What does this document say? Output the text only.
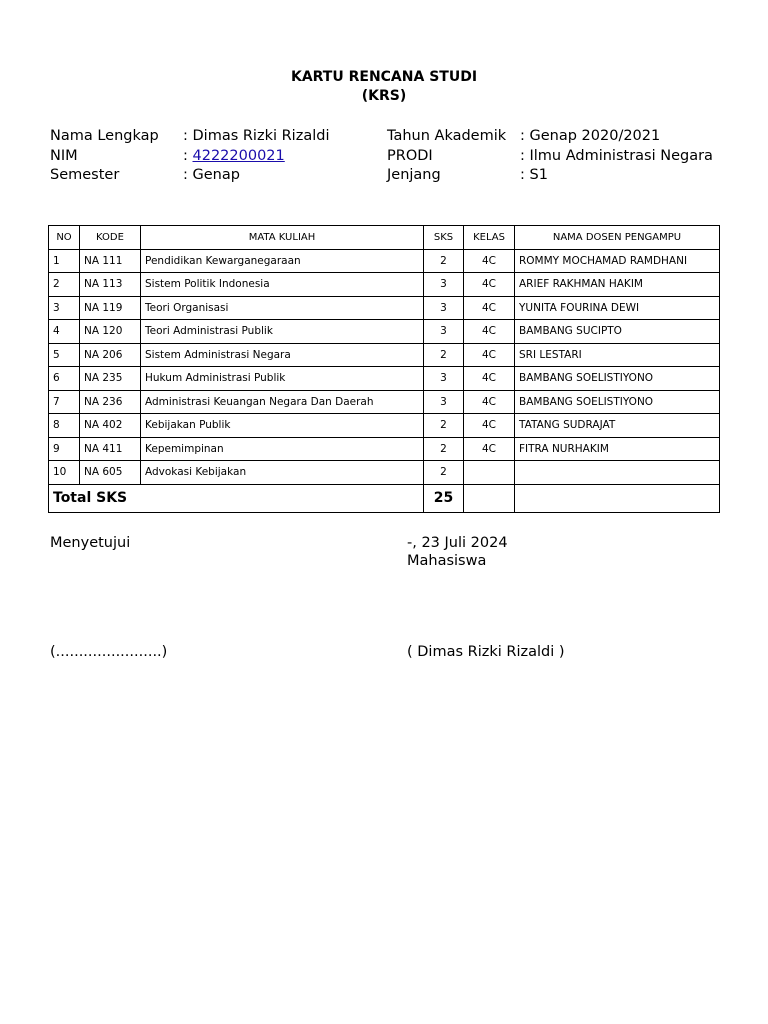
KARTU RENCANA STUDI
(KRS)
Nama Lengkap : Dimas Rizki Rizaldi
NIM	: 4222200021
Semester	: Genap
Tahun Akademik : Genap 2020/2021
PRODI	: Ilmu Administrasi Negara
Jenjang	: S1
NO	KODE	MATA KULIAH	SKS	KELAS	NAMA DOSEN PENGAMPU
1	NA 111	Pendidikan Kewarganegaraan	2	4C	ROMMY MOCHAMAD RAMDHANI
2	NA 113	Sistem Politik Indonesia	3	4C	ARIEF RAKHMAN HAKIM
3	NA 119	Teori Organisasi	3	4C	YUNITA FOURINA DEWI
4	NA 120	Teori Administrasi Publik	3	4C	BAMBANG SUCIPTO
5	NA 206	Sistem Administrasi Negara	2	4C	SRI LESTARI
6	NA 235	Hukum Administrasi Publik	3	4C	BAMBANG SOELISTIYONO
7	NA 236	Administrasi Keuangan Negara Dan Daerah	3	4C	BAMBANG SOELISTIYONO
8	NA 402	Kebijakan Publik	2	4C	TATANG SUDRAJAT
9	NA 411	Kepemimpinan	2	4C	FITRA NURHAKIM
10	NA 605	Advokasi Kebijakan	2		
Total SKS			25		
Menyetujui	-, 23 Juli 2024
Mahasiswa
(.......................)	( Dimas Rizki Rizaldi )
